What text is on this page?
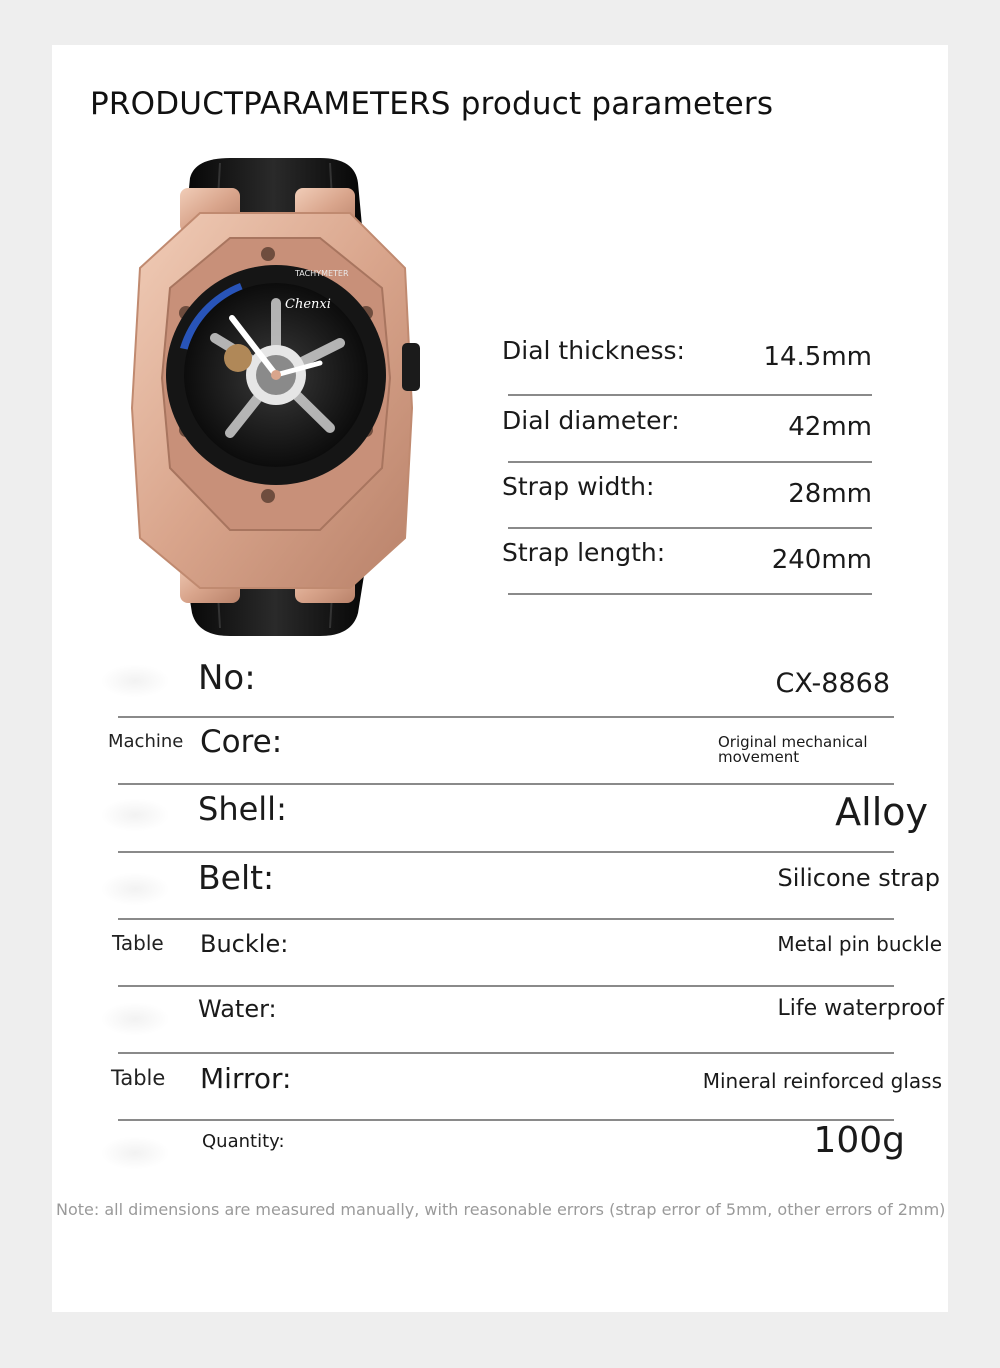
PRODUCTPARAMETERS product parameters
Chenxi
TACHYMETER
Dial thickness:	14.5mm
Dial diameter:	42mm
Strap width:	28mm
Strap length:	240mm
No:	CX-8868
Machine Core:	Original mechanical
movement
Shell:	Alloy
Belt:	Silicone strap
Table Buckle:	Metal pin buckle
Water:	Life waterproof
Table Mirror:	Mineral reinforced glass
Quantity:	100g
Note: all dimensions are measured manually, with reasonable errors (strap error of 5mm, other errors of 2mm)
